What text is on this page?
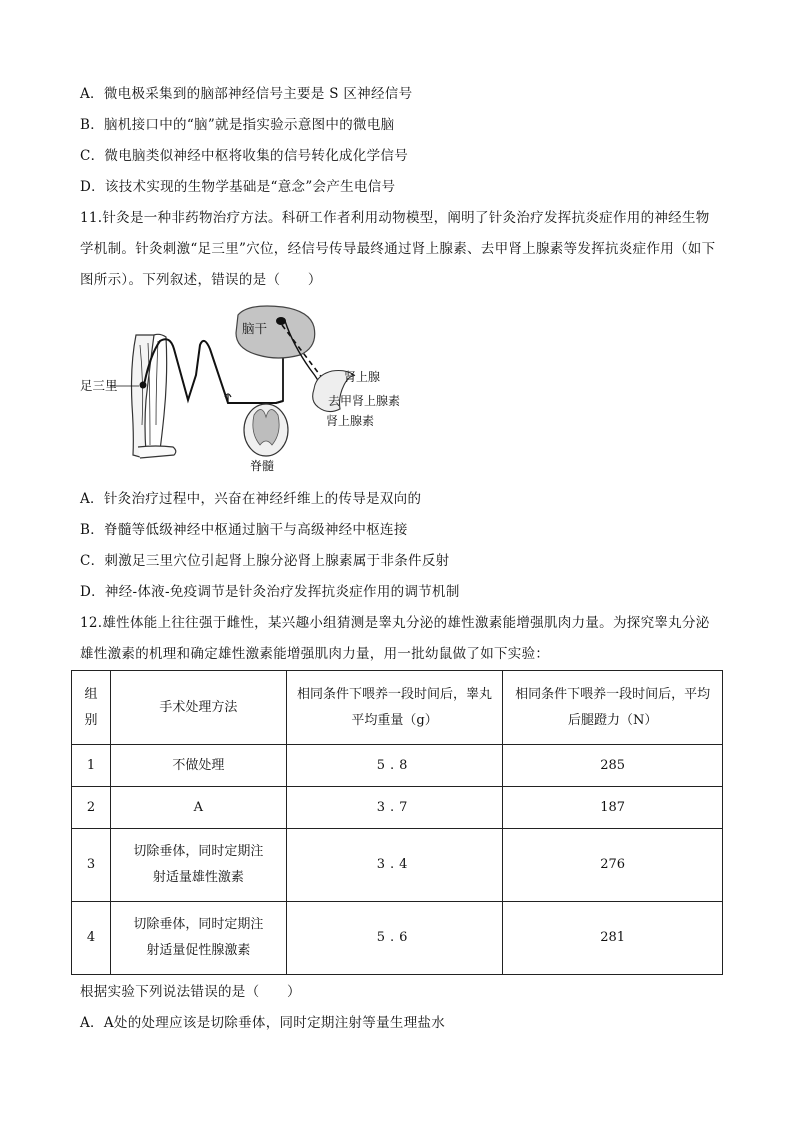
A．微电极采集到的脑部神经信号主要是 S 区神经信号
B．脑机接口中的“脑”就是指实验示意图中的微电脑
C．微电脑类似神经中枢将收集的信号转化成化学信号
D．该技术实现的生物学基础是“意念”会产生电信号
11.针灸是一种非药物治疗方法。科研工作者利用动物模型，阐明了针灸治疗发挥抗炎症作用的神经生物学机制。针灸刺激“足三里”穴位，经信号传导最终通过肾上腺素、去甲肾上腺素等发挥抗炎症作用（如下图所示）。下列叙述，错误的是（　　）
足三里
脊髓
脑干
肾上腺
去甲肾上腺素
肾上腺素
A．针灸治疗过程中，兴奋在神经纤维上的传导是双向的
B．脊髓等低级神经中枢通过脑干与高级神经中枢连接
C．刺激足三里穴位引起肾上腺分泌肾上腺素属于非条件反射
D．神经-体液-免疫调节是针灸治疗发挥抗炎症作用的调节机制
12.雄性体能上往往强于雌性，某兴趣小组猜测是睾丸分泌的雄性激素能增强肌肉力量。为探究睾丸分泌雄性激素的机理和确定雄性激素能增强肌肉力量，用一批幼鼠做了如下实验：
组别	手术处理方法	相同条件下喂养一段时间后，睾丸平均重量（g）	相同条件下喂养一段时间后，平均后腿蹬力（N）
1	不做处理	5.8	285
2	A	3.7	187
3	切除垂体，同时定期注射适量雄性激素	3.4	276
4	切除垂体，同时定期注射适量促性腺激素	5.6	281
根据实验下列说法错误的是（　　）
A．A处的处理应该是切除垂体，同时定期注射等量生理盐水
